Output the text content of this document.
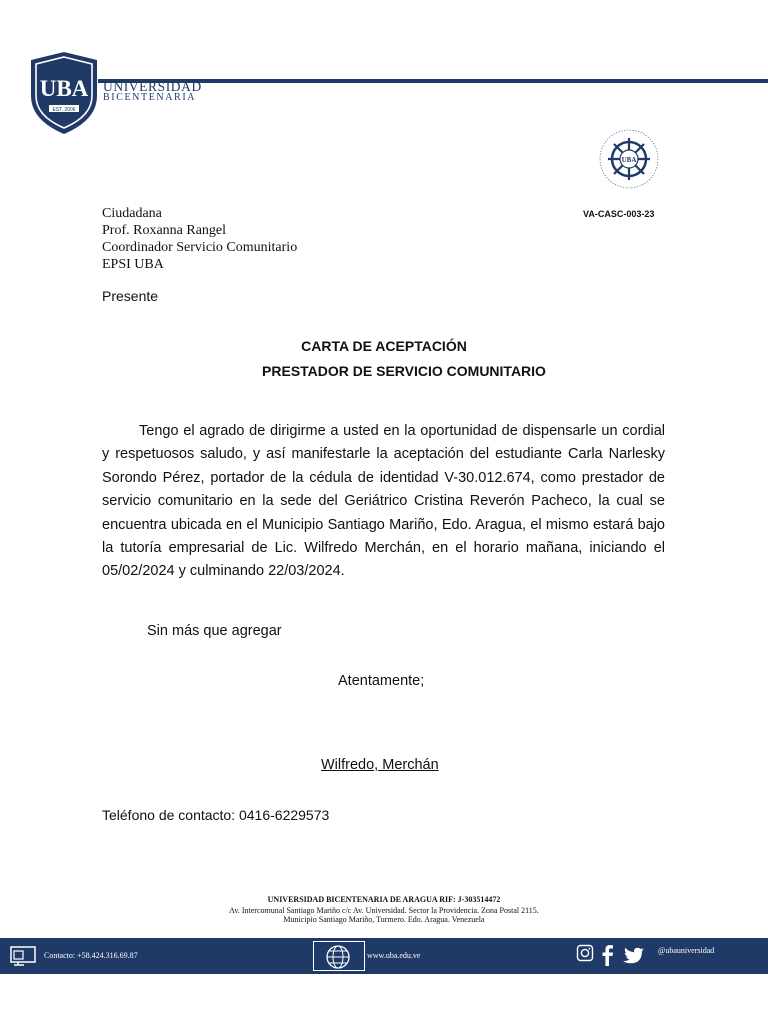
UBA
EST. 2006
UNIVERSIDAD
BICENTENARIA
UBA
VA-CASC-003-23
Ciudadana
Prof. Roxanna Rangel
Coordinador Servicio Comunitario
EPSI UBA
Presente
CARTA DE ACEPTACIÓN
PRESTADOR DE SERVICIO COMUNITARIO
Tengo el agrado de dirigirme a usted en la oportunidad de dispensarle un cordial y respetuosos saludo, y así manifestarle la aceptación del estudiante Carla Narlesky Sorondo Pérez, portador de la cédula de identidad V-30.012.674, como prestador de servicio comunitario en la sede del Geriátrico Cristina Reverón Pacheco, la cual se encuentra ubicada en el Municipio Santiago Mariño, Edo. Aragua, el mismo estará bajo la tutoría empresarial de Lic. Wilfredo Merchán, en el horario mañana, iniciando el 05/02/2024 y culminando 22/03/2024.
Sin más que agregar
Atentamente;
Wilfredo, Merchán
Teléfono de contacto: 0416-6229573
UNIVERSIDAD BICENTENARIA DE ARAGUA RIF: J-303514472
Av. Intercomunal Santiago Mariño c/c Av. Universidad. Sector la Providencia. Zona Postal 2115.
Municipio Santiago Mariño, Turmero. Edo. Aragua. Venezuela
Contacto: +58.424.316.69.87	www.uba.edu.ve
@ubauniversidad
